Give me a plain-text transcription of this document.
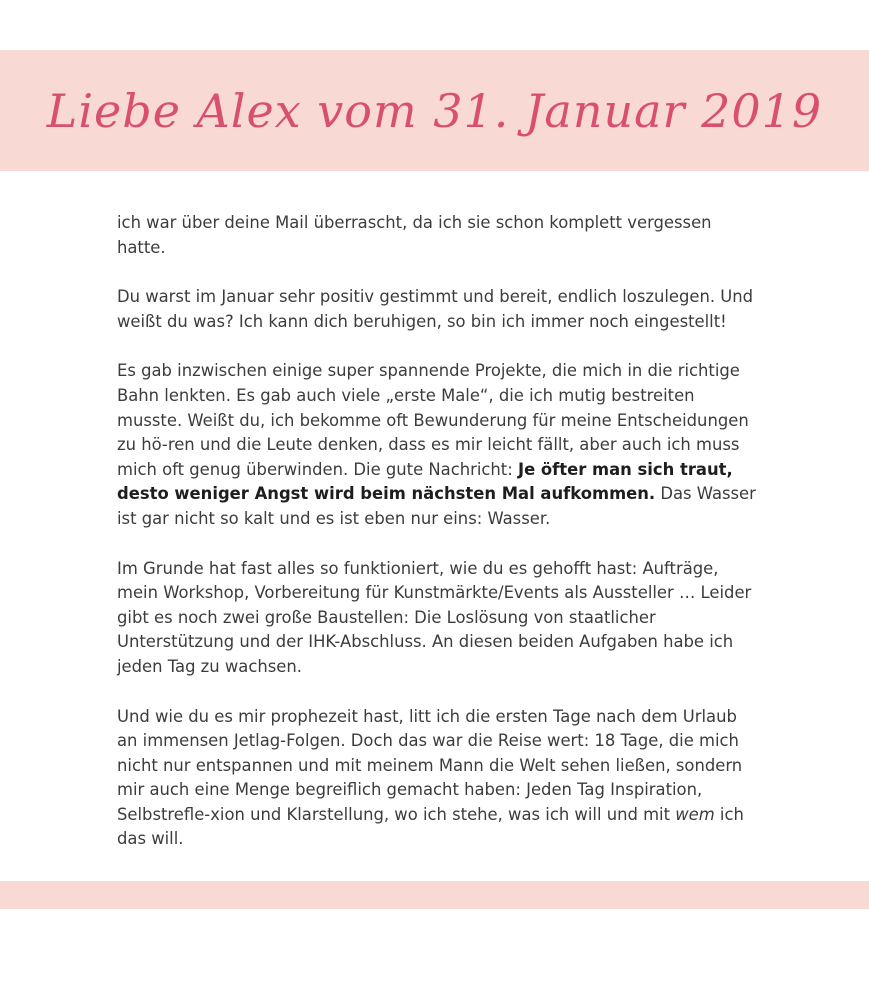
Liebe Alex vom 31. Januar 2019

ich war über deine Mail überrascht, da ich sie schon komplett vergessen hatte.

Du warst im Januar sehr positiv gestimmt und bereit, endlich loszulegen. Und weißt du was? Ich kann dich beruhigen, so bin ich immer noch eingestellt!

Es gab inzwischen einige super spannende Projekte, die mich in die richtige Bahn lenkten. Es gab auch viele „erste Male“, die ich mutig bestreiten musste. Weißt du, ich bekomme oft Bewunderung für meine Entscheidungen zu hö-ren und die Leute denken, dass es mir leicht fällt, aber auch ich muss mich oft genug überwinden. Die gute Nachricht: Je öfter man sich traut, desto weniger Angst wird beim nächsten Mal aufkommen. Das Wasser ist gar nicht so kalt und es ist eben nur eins: Wasser.

Im Grunde hat fast alles so funktioniert, wie du es gehofft hast: Aufträge, mein Workshop, Vorbereitung für Kunstmärkte/Events als Aussteller … Leider gibt es noch zwei große Baustellen: Die Loslösung von staatlicher Unterstützung und der IHK-Abschluss. An diesen beiden Aufgaben habe ich jeden Tag zu wachsen.

Und wie du es mir prophezeit hast, litt ich die ersten Tage nach dem Urlaub an immensen Jetlag-Folgen. Doch das war die Reise wert: 18 Tage, die mich nicht nur entspannen und mit meinem Mann die Welt sehen ließen, sondern mir auch eine Menge begreiflich gemacht haben: Jeden Tag Inspiration, Selbstrefle-xion und Klarstellung, wo ich stehe, was ich will und mit wem ich das will.
